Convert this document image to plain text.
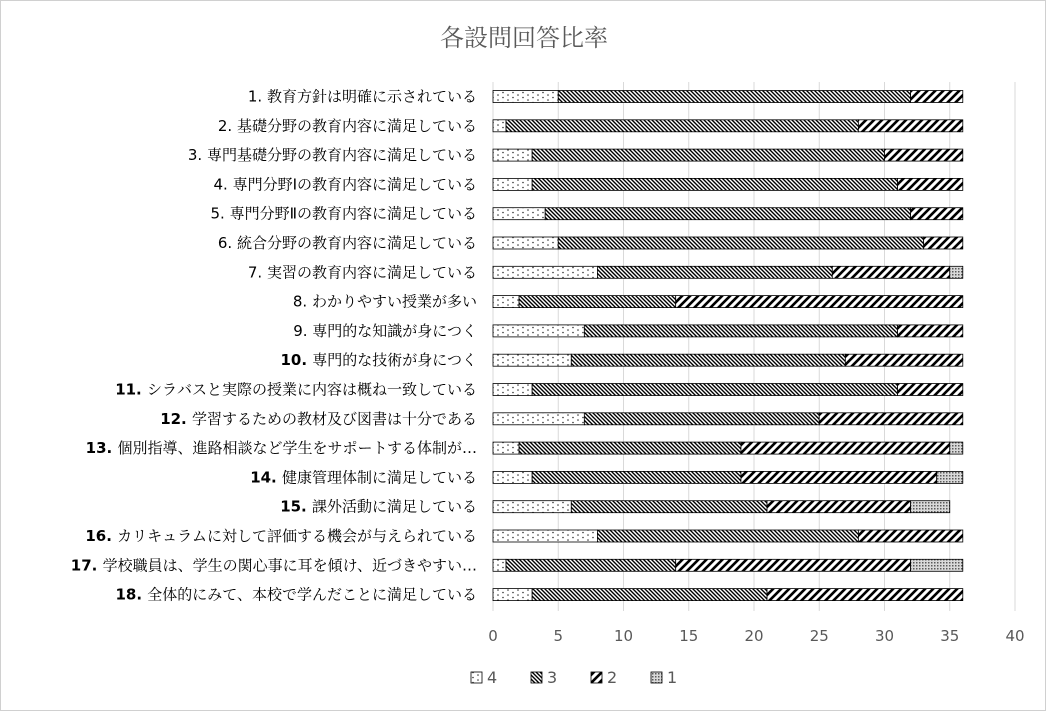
各設問回答比率
1. 教育方針は明確に示されている
2. 基礎分野の教育内容に満足している
3. 専門基礎分野の教育内容に満足している
4. 専門分野Ⅰの教育内容に満足している
5. 専門分野Ⅱの教育内容に満足している
6. 統合分野の教育内容に満足している
7. 実習の教育内容に満足している
8. わかりやすい授業が多い
9. 専門的な知識が身につく
10. 専門的な技術が身につく
11. シラバスと実際の授業に内容は概ね一致している
12. 学習するための教材及び図書は十分である
13. 個別指導、進路相談など学生をサポートする体制が…
14. 健康管理体制に満足している
15. 課外活動に満足している
16. カリキュラムに対して評価する機会が与えられている
17. 学校職員は、学生の関心事に耳を傾け、近づきやすい…
18. 全体的にみて、本校で学んだことに満足している
0	5	10	15	20	25	30	35	40
4	3	2	1
